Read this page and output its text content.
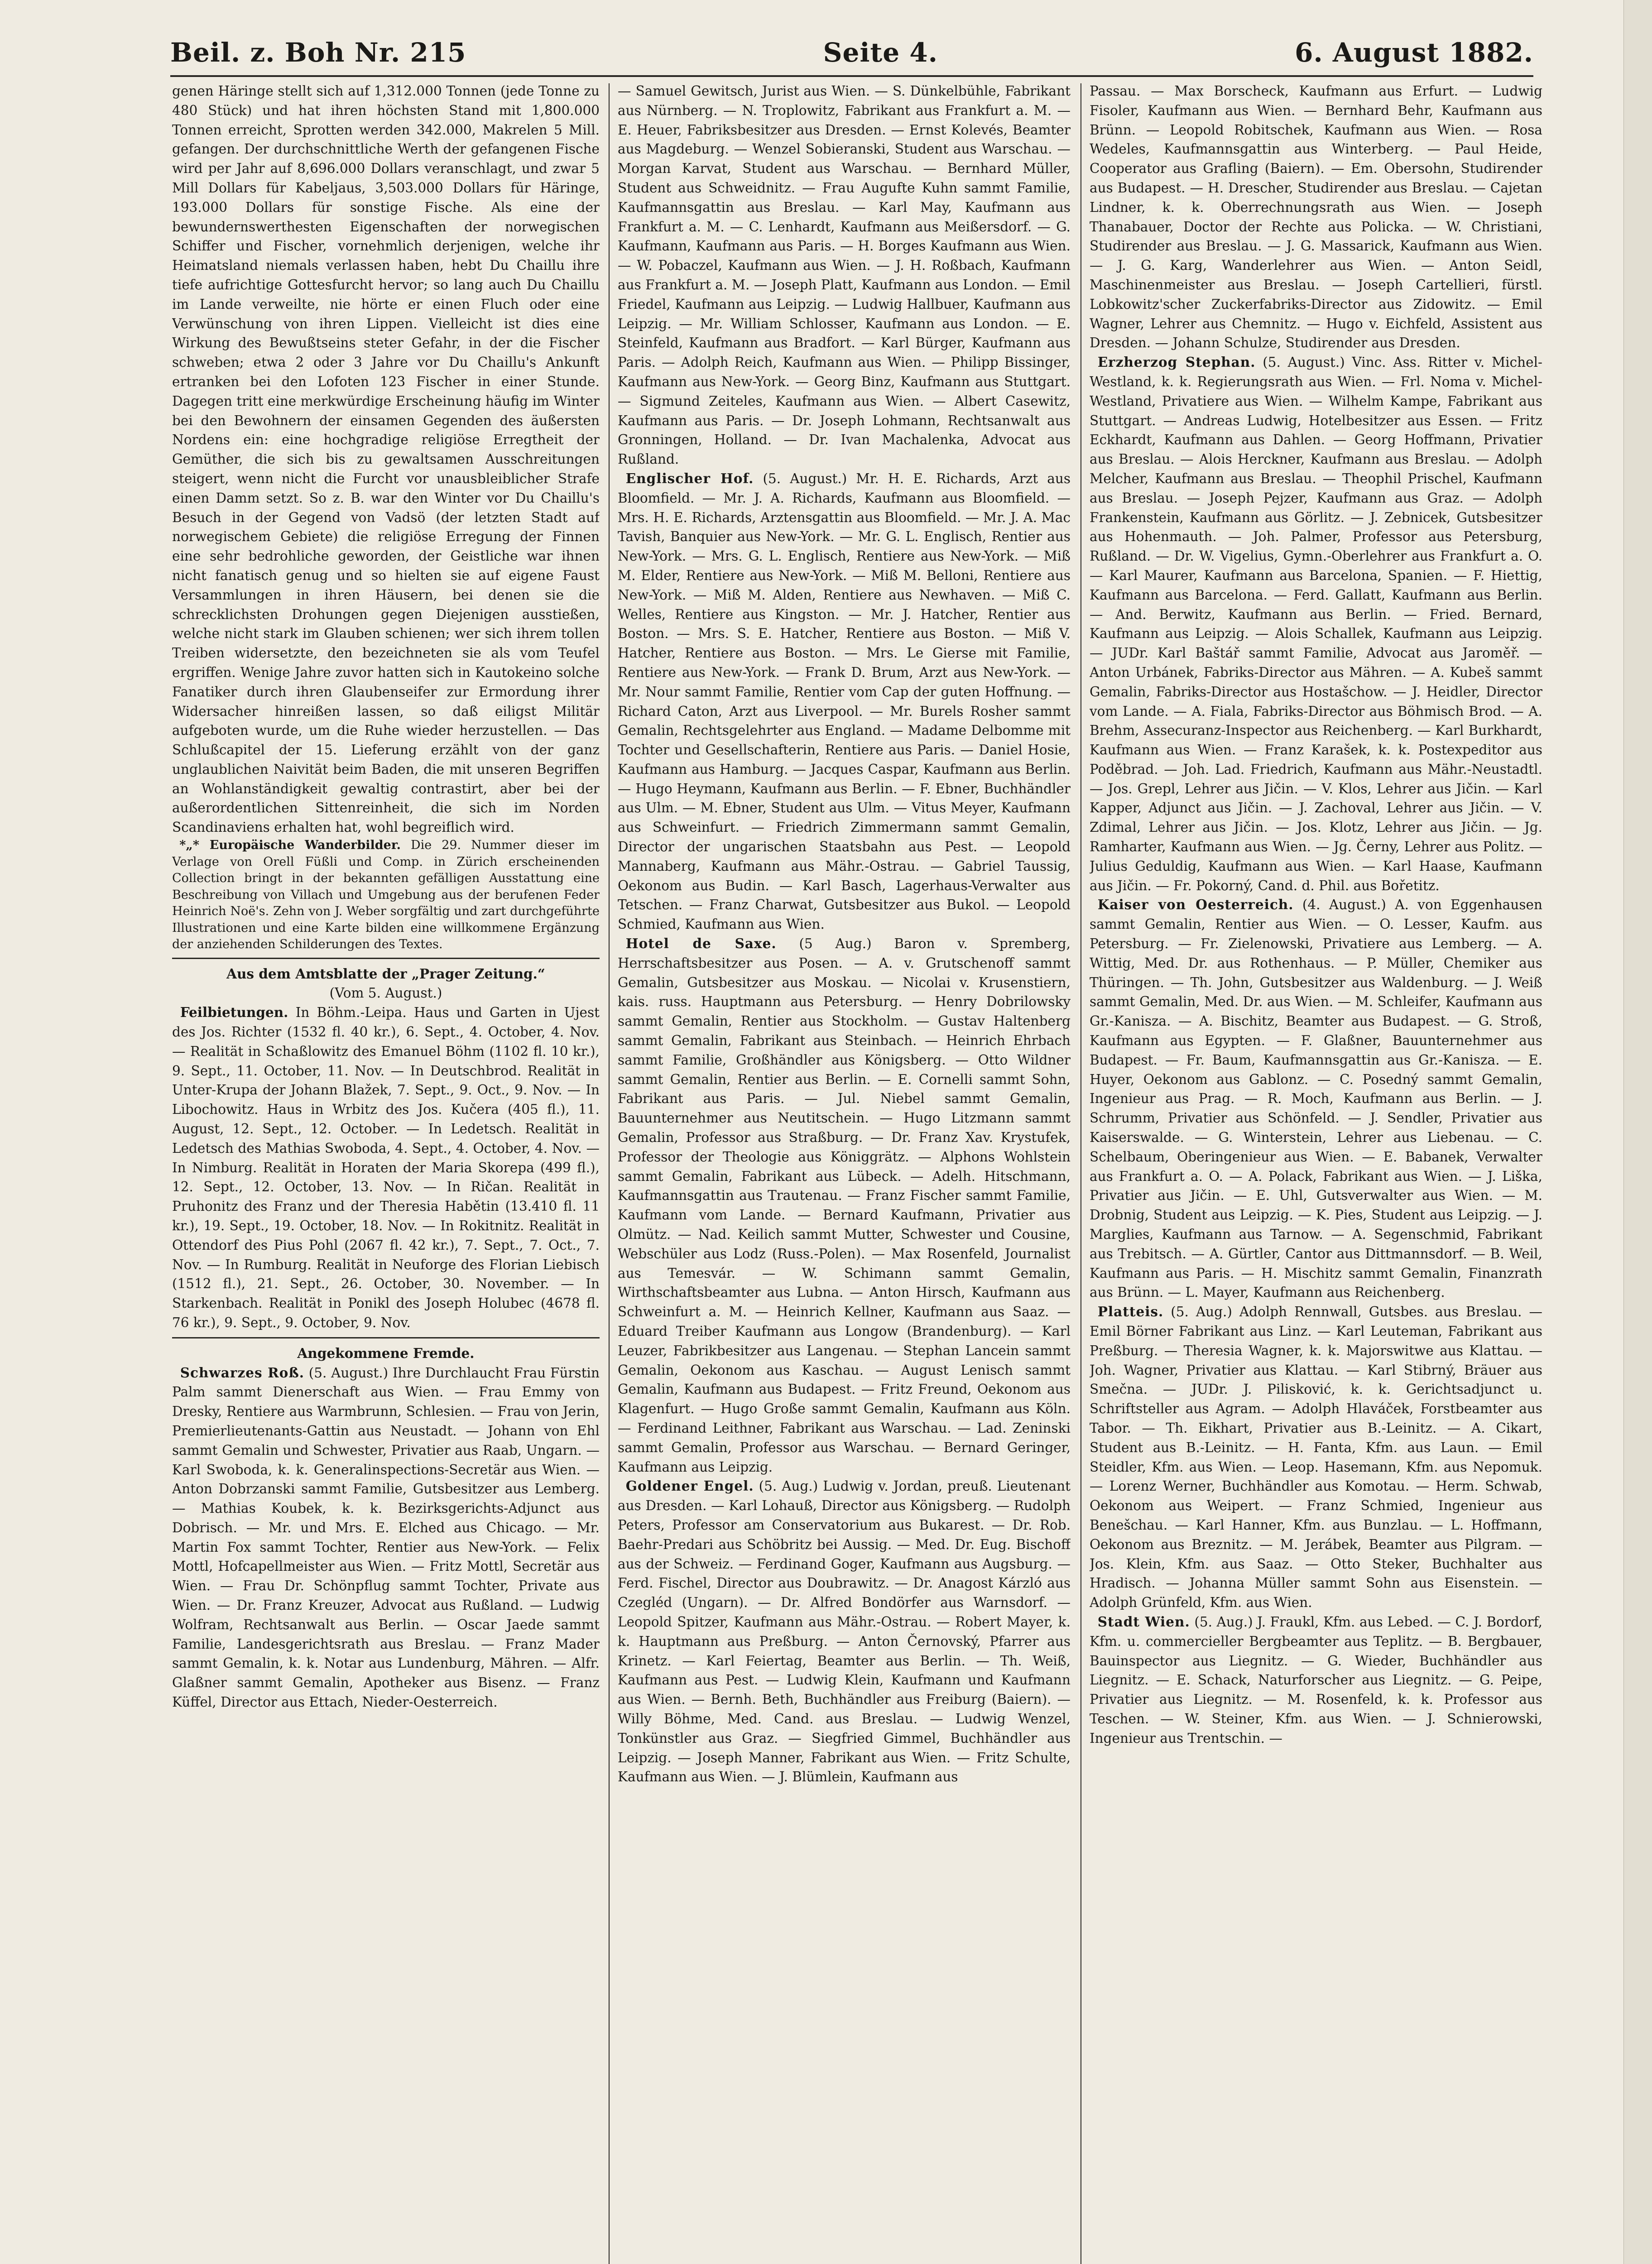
Beil. z. Boh Nr. 215	Seite 4.	6. August 1882.

genen Häringe stellt sich auf 1,312.000 Tonnen (jede Tonne zu 480 Stück) und hat ihren höchsten Stand mit 1,800.000 Tonnen erreicht, Sprotten werden 342.000, Makrelen 5 Mill. gefangen. Der durchschnittliche Werth der gefangenen Fische wird per Jahr auf 8,696.000 Dollars veranschlagt, und zwar 5 Mill Dollars für Kabeljaus, 3,503.000 Dollars für Häringe, 193.000 Dollars für sonstige Fische. Als eine der bewundernswerthesten Eigenschaften der norwegischen Schiffer und Fischer, vornehmlich derjenigen, welche ihr Heimatsland niemals verlassen haben, hebt Du Chaillu ihre tiefe aufrichtige Gottesfurcht hervor; so lang auch Du Chaillu im Lande verweilte, nie hörte er einen Fluch oder eine Verwünschung von ihren Lippen. Vielleicht ist dies eine Wirkung des Bewußtseins steter Gefahr, in der die Fischer schweben; etwa 2 oder 3 Jahre vor Du Chaillu's Ankunft ertranken bei den Lofoten 123 Fischer in einer Stunde. Dagegen tritt eine merkwürdige Erscheinung häufig im Winter bei den Bewohnern der einsamen Gegenden des äußersten Nordens ein: eine hochgradige religiöse Erregtheit der Gemüther, die sich bis zu gewaltsamen Ausschreitungen steigert, wenn nicht die Furcht vor unausbleiblicher Strafe einen Damm setzt. So z. B. war den Winter vor Du Chaillu's Besuch in der Gegend von Vadsö (der letzten Stadt auf norwegischem Gebiete) die religiöse Erregung der Finnen eine sehr bedrohliche geworden, der Geistliche war ihnen nicht fanatisch genug und so hielten sie auf eigene Faust Versammlungen in ihren Häusern, bei denen sie die schrecklichsten Drohungen gegen Diejenigen ausstießen, welche nicht stark im Glauben schienen; wer sich ihrem tollen Treiben widersetzte, den bezeichneten sie als vom Teufel ergriffen. Wenige Jahre zuvor hatten sich in Kautokeino solche Fanatiker durch ihren Glaubenseifer zur Ermordung ihrer Widersacher hinreißen lassen, so daß eiligst Militär aufgeboten wurde, um die Ruhe wieder herzustellen. — Das Schlußcapitel der 15. Lieferung erzählt von der ganz unglaublichen Naivität beim Baden, die mit unseren Begriffen an Wohlanständigkeit gewaltig contrastirt, aber bei der außerordentlichen Sittenreinheit, die sich im Norden Scandinaviens erhalten hat, wohl begreiflich wird.

*„* Europäische Wanderbilder. Die 29. Nummer dieser im Verlage von Orell Füßli und Comp. in Zürich erscheinenden Collection bringt in der bekannten gefälligen Ausstattung eine Beschreibung von Villach und Umgebung aus der berufenen Feder Heinrich Noë's. Zehn von J. Weber sorgfältig und zart durchgeführte Illustrationen und eine Karte bilden eine willkommene Ergänzung der anziehenden Schilderungen des Textes.

Aus dem Amtsblatte der „Prager Zeitung.“
(Vom 5. August.)

Feilbietungen. In Böhm.-Leipa. Haus und Garten in Ujest des Jos. Richter (1532 fl. 40 kr.), 6. Sept., 4. October, 4. Nov. — Realität in Schaßlowitz des Emanuel Böhm (1102 fl. 10 kr.), 9. Sept., 11. October, 11. Nov. — In Deutschbrod. Realität in Unter-Krupa der Johann Blažek, 7. Sept., 9. Oct., 9. Nov. — In Libochowitz. Haus in Wrbitz des Jos. Kučera (405 fl.), 11. August, 12. Sept., 12. October. — In Ledetsch. Realität in Ledetsch des Mathias Swoboda, 4. Sept., 4. October, 4. Nov. — In Nimburg. Realität in Horaten der Maria Skorepa (499 fl.), 12. Sept., 12. October, 13. Nov. — In Ričan. Realität in Pruhonitz des Franz und der Theresia Habětin (13.410 fl. 11 kr.), 19. Sept., 19. October, 18. Nov. — In Rokitnitz. Realität in Ottendorf des Pius Pohl (2067 fl. 42 kr.), 7. Sept., 7. Oct., 7. Nov. — In Rumburg. Realität in Neuforge des Florian Liebisch (1512 fl.), 21. Sept., 26. October, 30. November. — In Starkenbach. Realität in Ponikl des Joseph Holubec (4678 fl. 76 kr.), 9. Sept., 9. October, 9. Nov.

Angekommene Fremde.

Schwarzes Roß. (5. August.) Ihre Durchlaucht Frau Fürstin Palm sammt Dienerschaft aus Wien. — Frau Emmy von Dresky, Rentiere aus Warmbrunn, Schlesien. — Frau von Jerin, Premierlieutenants-Gattin aus Neustadt. — Johann von Ehl sammt Gemalin und Schwester, Privatier aus Raab, Ungarn. — Karl Swoboda, k. k. Generalinspections-Secretär aus Wien. — Anton Dobrzanski sammt Familie, Gutsbesitzer aus Lemberg. — Mathias Koubek, k. k. Bezirksgerichts-Adjunct aus Dobrisch. — Mr. und Mrs. E. Elched aus Chicago. — Mr. Martin Fox sammt Tochter, Rentier aus New-York. — Felix Mottl, Hofcapellmeister aus Wien. — Fritz Mottl, Secretär aus Wien. — Frau Dr. Schönpflug sammt Tochter, Private aus Wien. — Dr. Franz Kreuzer, Advocat aus Rußland. — Ludwig Wolfram, Rechtsanwalt aus Berlin. — Oscar Jaede sammt Familie, Landesgerichtsrath aus Breslau. — Franz Mader sammt Gemalin, k. k. Notar aus Lundenburg, Mähren. — Alfr. Glaßner sammt Gemalin, Apotheker aus Bisenz. — Franz Küffel, Director aus Ettach, Nieder-Oesterreich.

— Samuel Gewitsch, Jurist aus Wien. — S. Dünkelbühle, Fabrikant aus Nürnberg. — N. Troplowitz, Fabrikant aus Frankfurt a. M. — E. Heuer, Fabriksbesitzer aus Dresden. — Ernst Kolevés, Beamter aus Magdeburg. — Wenzel Sobieranski, Student aus Warschau. — Morgan Karvat, Student aus Warschau. — Bernhard Müller, Student aus Schweidnitz. — Frau Augufte Kuhn sammt Familie, Kaufmannsgattin aus Breslau. — Karl May, Kaufmann aus Frankfurt a. M. — C. Lenhardt, Kaufmann aus Meißersdorf. — G. Kaufmann, Kaufmann aus Paris. — H. Borges Kaufmann aus Wien. — W. Pobaczel, Kaufmann aus Wien. — J. H. Roßbach, Kaufmann aus Frankfurt a. M. — Joseph Platt, Kaufmann aus London. — Emil Friedel, Kaufmann aus Leipzig. — Ludwig Hallbuer, Kaufmann aus Leipzig. — Mr. William Schlosser, Kaufmann aus London. — E. Steinfeld, Kaufmann aus Bradfort. — Karl Bürger, Kaufmann aus Paris. — Adolph Reich, Kaufmann aus Wien. — Philipp Bissinger, Kaufmann aus New-York. — Georg Binz, Kaufmann aus Stuttgart. — Sigmund Zeiteles, Kaufmann aus Wien. — Albert Casewitz, Kaufmann aus Paris. — Dr. Joseph Lohmann, Rechtsanwalt aus Gronningen, Holland. — Dr. Ivan Machalenka, Advocat aus Rußland.

Englischer Hof. (5. August.) Mr. H. E. Richards, Arzt aus Bloomfield. — Mr. J. A. Richards, Kaufmann aus Bloomfield. — Mrs. H. E. Richards, Arztensgattin aus Bloomfield. — Mr. J. A. Mac Tavish, Banquier aus New-York. — Mr. G. L. Englisch, Rentier aus New-York. — Mrs. G. L. Englisch, Rentiere aus New-York. — Miß M. Elder, Rentiere aus New-York. — Miß M. Belloni, Rentiere aus New-York. — Miß M. Alden, Rentiere aus Newhaven. — Miß C. Welles, Rentiere aus Kingston. — Mr. J. Hatcher, Rentier aus Boston. — Mrs. S. E. Hatcher, Rentiere aus Boston. — Miß V. Hatcher, Rentiere aus Boston. — Mrs. Le Gierse mit Familie, Rentiere aus New-York. — Frank D. Brum, Arzt aus New-York. — Mr. Nour sammt Familie, Rentier vom Cap der guten Hoffnung. — Richard Caton, Arzt aus Liverpool. — Mr. Burels Rosher sammt Gemalin, Rechtsgelehrter aus England. — Madame Delbomme mit Tochter und Gesellschafterin, Rentiere aus Paris. — Daniel Hosie, Kaufmann aus Hamburg. — Jacques Caspar, Kaufmann aus Berlin. — Hugo Heymann, Kaufmann aus Berlin. — F. Ebner, Buchhändler aus Ulm. — M. Ebner, Student aus Ulm. — Vitus Meyer, Kaufmann aus Schweinfurt. — Friedrich Zimmermann sammt Gemalin, Director der ungarischen Staatsbahn aus Pest. — Leopold Mannaberg, Kaufmann aus Mähr.-Ostrau. — Gabriel Taussig, Oekonom aus Budin. — Karl Basch, Lagerhaus-Verwalter aus Tetschen. — Franz Charwat, Gutsbesitzer aus Bukol. — Leopold Schmied, Kaufmann aus Wien.

Hotel de Saxe. (5 Aug.) Baron v. Spremberg, Herrschaftsbesitzer aus Posen. — A. v. Grutschenoff sammt Gemalin, Gutsbesitzer aus Moskau. — Nicolai v. Krusenstiern, kais. russ. Hauptmann aus Petersburg. — Henry Dobrilowsky sammt Gemalin, Rentier aus Stockholm. — Gustav Haltenberg sammt Gemalin, Fabrikant aus Steinbach. — Heinrich Ehrbach sammt Familie, Großhändler aus Königsberg. — Otto Wildner sammt Gemalin, Rentier aus Berlin. — E. Cornelli sammt Sohn, Fabrikant aus Paris. — Jul. Niebel sammt Gemalin, Bauunternehmer aus Neutitschein. — Hugo Litzmann sammt Gemalin, Professor aus Straßburg. — Dr. Franz Xav. Krystufek, Professor der Theologie aus Königgrätz. — Alphons Wohlstein sammt Gemalin, Fabrikant aus Lübeck. — Adelh. Hitschmann, Kaufmannsgattin aus Trautenau. — Franz Fischer sammt Familie, Kaufmann vom Lande. — Bernard Kaufmann, Privatier aus Olmütz. — Nad. Keilich sammt Mutter, Schwester und Cousine, Webschüler aus Lodz (Russ.-Polen). — Max Rosenfeld, Journalist aus Temesvár. — W. Schimann sammt Gemalin, Wirthschaftsbeamter aus Lubna. — Anton Hirsch, Kaufmann aus Schweinfurt a. M. — Heinrich Kellner, Kaufmann aus Saaz. — Eduard Treiber Kaufmann aus Longow (Brandenburg). — Karl Leuzer, Fabrikbesitzer aus Langenau. — Stephan Lancein sammt Gemalin, Oekonom aus Kaschau. — August Lenisch sammt Gemalin, Kaufmann aus Budapest. — Fritz Freund, Oekonom aus Klagenfurt. — Hugo Große sammt Gemalin, Kaufmann aus Köln. — Ferdinand Leithner, Fabrikant aus Warschau. — Lad. Zeninski sammt Gemalin, Professor aus Warschau. — Bernard Geringer, Kaufmann aus Leipzig.

Goldener Engel. (5. Aug.) Ludwig v. Jordan, preuß. Lieutenant aus Dresden. — Karl Lohauß, Director aus Königsberg. — Rudolph Peters, Professor am Conservatorium aus Bukarest. — Dr. Rob. Baehr-Predari aus Schöbritz bei Aussig. — Med. Dr. Eug. Bischoff aus der Schweiz. — Ferdinand Goger, Kaufmann aus Augsburg. — Ferd. Fischel, Director aus Doubrawitz. — Dr. Anagost Kárzló aus Czegléd (Ungarn). — Dr. Alfred Bondörfer aus Warnsdorf. — Leopold Spitzer, Kaufmann aus Mähr.-Ostrau. — Robert Mayer, k. k. Hauptmann aus Preßburg. — Anton Černovský, Pfarrer aus Krinetz. — Karl Feiertag, Beamter aus Berlin. — Th. Weiß, Kaufmann aus Pest. — Ludwig Klein, Kaufmann und Kaufmann aus Wien. — Bernh. Beth, Buchhändler aus Freiburg (Baiern). — Willy Böhme, Med. Cand. aus Breslau. — Ludwig Wenzel, Tonkünstler aus Graz. — Siegfried Gimmel, Buchhändler aus Leipzig. — Joseph Manner, Fabrikant aus Wien. — Fritz Schulte, Kaufmann aus Wien. — J. Blümlein, Kaufmann aus

Passau. — Max Borscheck, Kaufmann aus Erfurt. — Ludwig Fisoler, Kaufmann aus Wien. — Bernhard Behr, Kaufmann aus Brünn. — Leopold Robitschek, Kaufmann aus Wien. — Rosa Wedeles, Kaufmannsgattin aus Winterberg. — Paul Heide, Cooperator aus Grafling (Baiern). — Em. Obersohn, Studirender aus Budapest. — H. Drescher, Studirender aus Breslau. — Cajetan Lindner, k. k. Oberrechnungsrath aus Wien. — Joseph Thanabauer, Doctor der Rechte aus Policka. — W. Christiani, Studirender aus Breslau. — J. G. Massarick, Kaufmann aus Wien. — J. G. Karg, Wanderlehrer aus Wien. — Anton Seidl, Maschinenmeister aus Breslau. — Joseph Cartellieri, fürstl. Lobkowitz'scher Zuckerfabriks-Director aus Zidowitz. — Emil Wagner, Lehrer aus Chemnitz. — Hugo v. Eichfeld, Assistent aus Dresden. — Johann Schulze, Studirender aus Dresden.

Erzherzog Stephan. (5. August.) Vinc. Ass. Ritter v. Michel-Westland, k. k. Regierungsrath aus Wien. — Frl. Noma v. Michel-Westland, Privatiere aus Wien. — Wilhelm Kampe, Fabrikant aus Stuttgart. — Andreas Ludwig, Hotelbesitzer aus Essen. — Fritz Eckhardt, Kaufmann aus Dahlen. — Georg Hoffmann, Privatier aus Breslau. — Alois Herckner, Kaufmann aus Breslau. — Adolph Melcher, Kaufmann aus Breslau. — Theophil Prischel, Kaufmann aus Breslau. — Joseph Pejzer, Kaufmann aus Graz. — Adolph Frankenstein, Kaufmann aus Görlitz. — J. Zebnicek, Gutsbesitzer aus Hohenmauth. — Joh. Palmer, Professor aus Petersburg, Rußland. — Dr. W. Vigelius, Gymn.-Oberlehrer aus Frankfurt a. O. — Karl Maurer, Kaufmann aus Barcelona, Spanien. — F. Hiettig, Kaufmann aus Barcelona. — Ferd. Gallatt, Kaufmann aus Berlin. — And. Berwitz, Kaufmann aus Berlin. — Fried. Bernard, Kaufmann aus Leipzig. — Alois Schallek, Kaufmann aus Leipzig. — JUDr. Karl Baštář sammt Familie, Advocat aus Jaroměř. — Anton Urbánek, Fabriks-Director aus Mähren. — A. Kubeš sammt Gemalin, Fabriks-Director aus Hostašchow. — J. Heidler, Director vom Lande. — A. Fiala, Fabriks-Director aus Böhmisch Brod. — A. Brehm, Assecuranz-Inspector aus Reichenberg. — Karl Burkhardt, Kaufmann aus Wien. — Franz Karašek, k. k. Postexpeditor aus Poděbrad. — Joh. Lad. Friedrich, Kaufmann aus Mähr.-Neustadtl. — Jos. Grepl, Lehrer aus Jičin. — V. Klos, Lehrer aus Jičin. — Karl Kapper, Adjunct aus Jičin. — J. Zachoval, Lehrer aus Jičin. — V. Zdimal, Lehrer aus Jičin. — Jos. Klotz, Lehrer aus Jičin. — Jg. Ramharter, Kaufmann aus Wien. — Jg. Černy, Lehrer aus Politz. — Julius Geduldig, Kaufmann aus Wien. — Karl Haase, Kaufmann aus Jičin. — Fr. Pokorný, Cand. d. Phil. aus Bořetitz.

Kaiser von Oesterreich. (4. August.) A. von Eggenhausen sammt Gemalin, Rentier aus Wien. — O. Lesser, Kaufm. aus Petersburg. — Fr. Zielenowski, Privatiere aus Lemberg. — A. Wittig, Med. Dr. aus Rothenhaus. — P. Müller, Chemiker aus Thüringen. — Th. John, Gutsbesitzer aus Waldenburg. — J. Weiß sammt Gemalin, Med. Dr. aus Wien. — M. Schleifer, Kaufmann aus Gr.-Kanisza. — A. Bischitz, Beamter aus Budapest. — G. Stroß, Kaufmann aus Egypten. — F. Glaßner, Bauunternehmer aus Budapest. — Fr. Baum, Kaufmannsgattin aus Gr.-Kanisza. — E. Huyer, Oekonom aus Gablonz. — C. Posedný sammt Gemalin, Ingenieur aus Prag. — R. Moch, Kaufmann aus Berlin. — J. Schrumm, Privatier aus Schönfeld. — J. Sendler, Privatier aus Kaiserswalde. — G. Winterstein, Lehrer aus Liebenau. — C. Schelbaum, Oberingenieur aus Wien. — E. Babanek, Verwalter aus Frankfurt a. O. — A. Polack, Fabrikant aus Wien. — J. Liška, Privatier aus Jičin. — E. Uhl, Gutsverwalter aus Wien. — M. Drobnig, Student aus Leipzig. — K. Pies, Student aus Leipzig. — J. Marglies, Kaufmann aus Tarnow. — A. Segenschmid, Fabrikant aus Trebitsch. — A. Gürtler, Cantor aus Dittmannsdorf. — B. Weil, Kaufmann aus Paris. — H. Mischitz sammt Gemalin, Finanzrath aus Brünn. — L. Mayer, Kaufmann aus Reichenberg.

Platteis. (5. Aug.) Adolph Rennwall, Gutsbes. aus Breslau. — Emil Börner Fabrikant aus Linz. — Karl Leuteman, Fabrikant aus Preßburg. — Theresia Wagner, k. k. Majorswitwe aus Klattau. — Joh. Wagner, Privatier aus Klattau. — Karl Stibrný, Bräuer aus Smečna. — JUDr. J. Pilisković, k. k. Gerichtsadjunct u. Schriftsteller aus Agram. — Adolph Hlaváček, Forstbeamter aus Tabor. — Th. Eikhart, Privatier aus B.-Leinitz. — A. Cikart, Student aus B.-Leinitz. — H. Fanta, Kfm. aus Laun. — Emil Steidler, Kfm. aus Wien. — Leop. Hasemann, Kfm. aus Nepomuk. — Lorenz Werner, Buchhändler aus Komotau. — Herm. Schwab, Oekonom aus Weipert. — Franz Schmied, Ingenieur aus Benešchau. — Karl Hanner, Kfm. aus Bunzlau. — L. Hoffmann, Oekonom aus Breznitz. — M. Jerábek, Beamter aus Pilgram. — Jos. Klein, Kfm. aus Saaz. — Otto Steker, Buchhalter aus Hradisch. — Johanna Müller sammt Sohn aus Eisenstein. — Adolph Grünfeld, Kfm. aus Wien.

Stadt Wien. (5. Aug.) J. Fraukl, Kfm. aus Lebed. — C. J. Bordorf, Kfm. u. commercieller Bergbeamter aus Teplitz. — B. Bergbauer, Bauinspector aus Liegnitz. — G. Wieder, Buchhändler aus Liegnitz. — E. Schack, Naturforscher aus Liegnitz. — G. Peipe, Privatier aus Liegnitz. — M. Rosenfeld, k. k. Professor aus Teschen. — W. Steiner, Kfm. aus Wien. — J. Schnierowski, Ingenieur aus Trentschin. —
